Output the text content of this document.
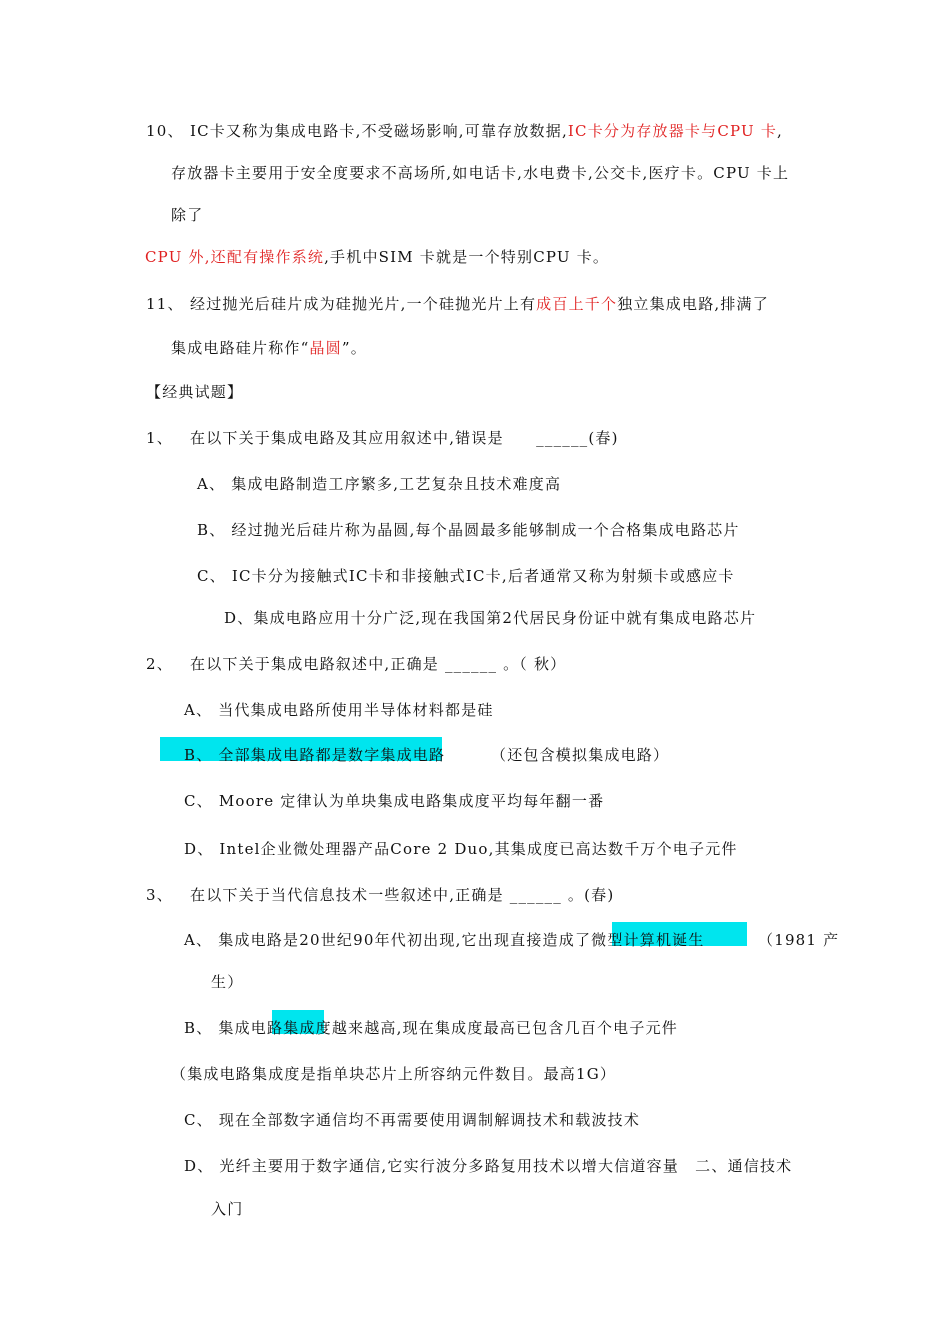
10、 IC卡又称为集成电路卡,不受磁场影响,可靠存放数据,IC卡分为存放器卡与CPU 卡,
存放器卡主要用于安全度要求不高场所,如电话卡,水电费卡,公交卡,医疗卡。CPU 卡上
除了
CPU 外,还配有操作系统,手机中SIM 卡就是一个特别CPU 卡。
11、 经过抛光后硅片成为硅抛光片,一个硅抛光片上有成百上千个独立集成电路,排满了
集成电路硅片称作“晶圆”。
【经典试题】
1、 在以下关于集成电路及其应用叙述中,错误是　　______(春)
A、 集成电路制造工序繁多,工艺复杂且技术难度高
B、 经过抛光后硅片称为晶圆,每个晶圆最多能够制成一个合格集成电路芯片
C、 IC卡分为接触式IC卡和非接触式IC卡,后者通常又称为射频卡或感应卡
D、集成电路应用十分广泛,现在我国第2代居民身份证中就有集成电路芯片
2、 在以下关于集成电路叙述中,正确是 ______ 。（ 秋）
A、 当代集成电路所使用半导体材料都是硅
B、 全部集成电路都是数字集成电路	（还包含模拟集成电路）
C、 Moore 定律认为单块集成电路集成度平均每年翻一番
D、 Intel企业微处理器产品Core 2 Duo,其集成度已高达数千万个电子元件
3、 在以下关于当代信息技术一些叙述中,正确是 ______ 。(春)
A、 集成电路是20世纪90年代初出现,它出现直接造成了微型计算机诞生	（1981 产
生）
B、 集成电路集成度越来越高,现在集成度最高已包含几百个电子元件
（集成电路集成度是指单块芯片上所容纳元件数目。最高1G）
C、 现在全部数字通信均不再需要使用调制解调技术和载波技术
D、 光纤主要用于数字通信,它实行波分多路复用技术以增大信道容量　二、通信技术
入门
